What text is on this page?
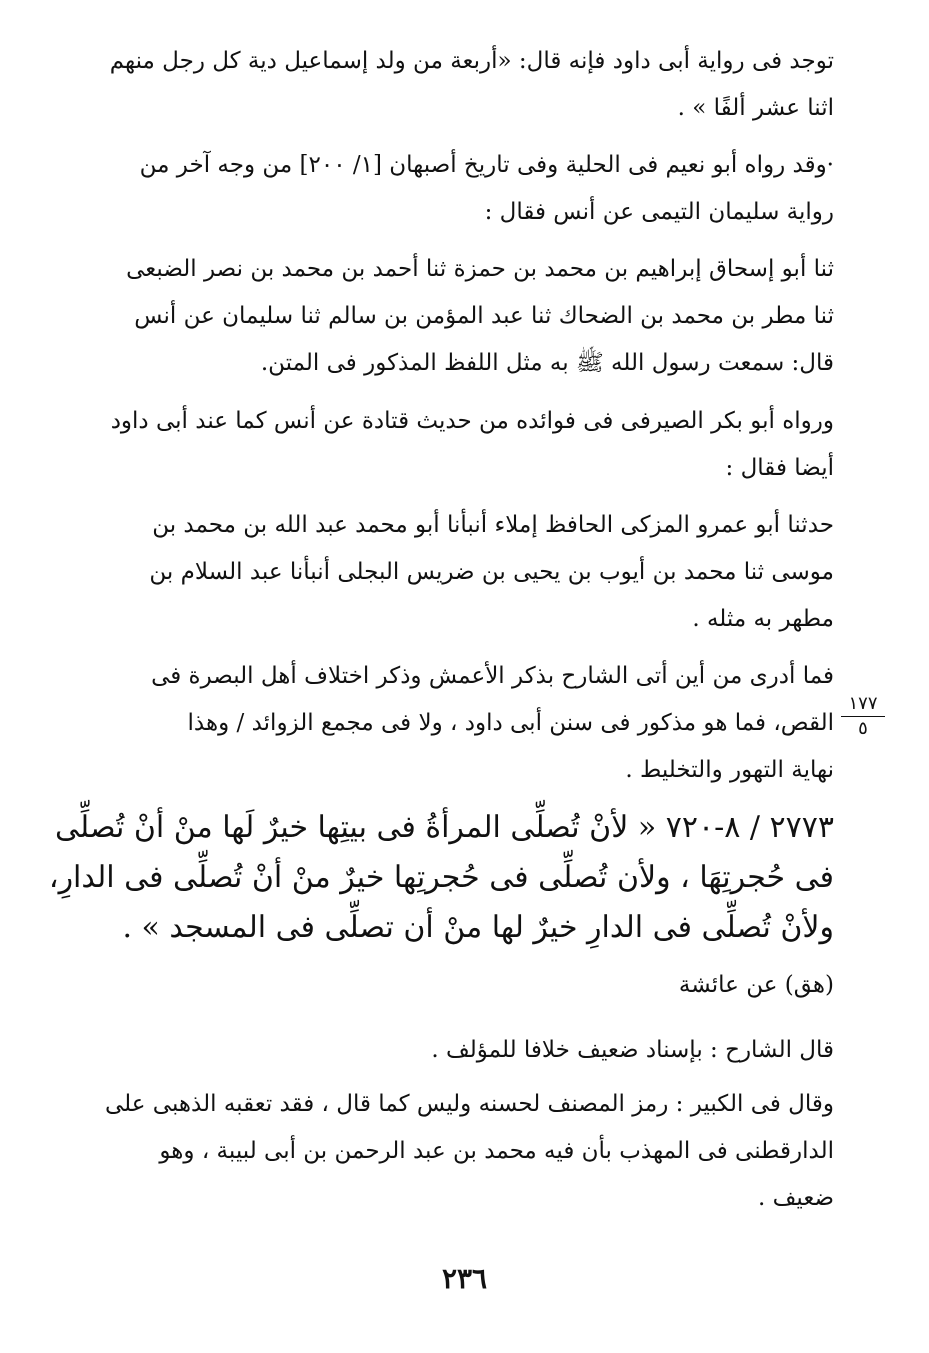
توجد فى رواية أبى داود فإنه قال: «أربعة من ولد إسماعيل دية كل رجل منهم
اثنا عشر ألفًا » .
·وقد رواه أبو نعيم فى الحلية وفى تاريخ أصبهان [١/ ٢٠٠] من وجه آخر من
رواية سليمان التيمى عن أنس فقال :
ثنا أبو إسحاق إبراهيم بن محمد بن حمزة ثنا أحمد بن محمد بن نصر الضبعى
ثنا مطر بن محمد بن الضحاك ثنا عبد المؤمن بن سالم ثنا سليمان عن أنس
قال: سمعت رسول الله ﷺ به مثل اللفظ المذكور فى المتن.
ورواه أبو بكر الصيرفى فى فوائده من حديث قتادة عن أنس كما عند أبى داود
أيضا فقال :
حدثنا أبو عمرو المزكى الحافظ إملاء أنبأنا أبو محمد عبد الله بن محمد بن
موسى ثنا محمد بن أيوب بن يحيى بن ضريس البجلى أنبأنا عبد السلام بن
مطهر به مثله .
فما أدرى من أين أتى الشارح بذكر الأعمش وذكر اختلاف أهل البصرة فى
القص، فما هو مذكور فى سنن أبى داود ، ولا فى مجمع الزوائد / وهذا
نهاية التهور والتخليط .
١٧٧
٥
٢٧٧٣ / ٨-٧٢٠ « لأنْ تُصلِّى المرأةُ فى بيتِها خيرٌ لَها منْ أنْ تُصلِّى
فى حُجرتِهَا ، ولأن تُصلِّى فى حُجرتِها خيرٌ منْ أنْ تُصلِّى فى الدارِ،
ولأنْ تُصلِّى فى الدارِ خيرٌ لها منْ أن تصلِّى فى المسجد » .
(هق) عن عائشة
قال الشارح : بإسناد ضعيف خلافا للمؤلف .
وقال فى الكبير : رمز المصنف لحسنه وليس كما قال ، فقد تعقبه الذهبى على
الدارقطنى فى المهذب بأن فيه محمد بن عبد الرحمن بن أبى لبيبة ، وهو
ضعيف .
٢٣٦
